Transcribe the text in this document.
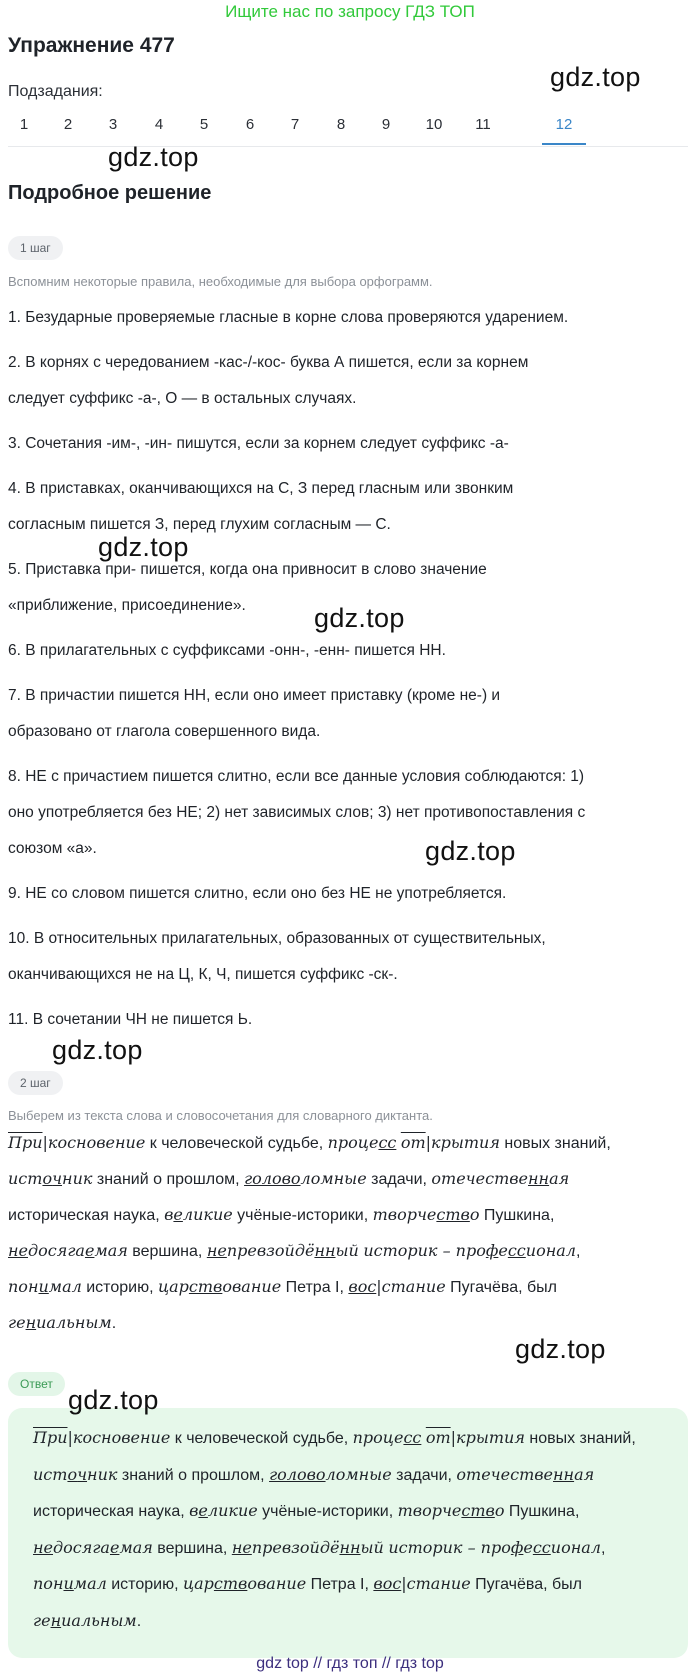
Ищите нас по запросу ГДЗ ТОП
Упражнение 477
Подзадания:
1	2	3	4	5	6	7	8	9	10	11	12
Подробное решение
1 шаг
Вспомним некоторые правила, необходимые для выбора орфограмм.
1. Безударные проверяемые гласные в корне слова проверяются ударением.
2. В корнях с чередованием -кас-/-кос- буква А пишется, если за корнем
следует суффикс -а-, О — в остальных случаях.
3. Сочетания -им-, -ин- пишутся, если за корнем следует суффикс -а-
4. В приставках, оканчивающихся на С, З перед гласным или звонким
согласным пишется З, перед глухим согласным — С.
5. Приставка при- пишется, когда она привносит в слово значение
«приближение, присоединение».
6. В прилагательных с суффиксами -онн-, -енн- пишется НН.
7. В причастии пишется НН, если оно имеет приставку (кроме не-) и
образовано от глагола совершенного вида.
8. НЕ с причастием пишется слитно, если все данные условия соблюдаются: 1)
оно употребляется без НЕ; 2) нет зависимых слов; 3) нет противопоставления с
союзом «а».
9. НЕ со словом пишется слитно, если оно без НЕ не употребляется.
10. В относительных прилагательных, образованных от существительных,
оканчивающихся не на Ц, К, Ч, пишется суффикс -ск-.
11. В сочетании ЧН не пишется Ь.
2 шаг
Выберем из текста слова и словосочетания для словарного диктанта.
При|косновение к человеческой судьбе, процесс от|крытия новых знаний, источник знаний о прошлом, головоломные задачи, отечественная
историческая наука, великие учёные-историки, творчество Пушкина,
недосягаемая вершина, непревзойдённый историк – профессионал,
понимал историю, царствование Петра I, вос|стание Пугачёва, был
гениальным.
Ответ
При|косновение к человеческой судьбе, процесс от|крытия новых знаний, источник знаний о прошлом, головоломные задачи, отечественная историческая наука, великие учёные-историки, творчество Пушкина, недосягаемая вершина, непревзойдённый историк – профессионал, понимал историю, царствование Петра I, вос|стание Пугачёва, был гениальным.
gdz.top
gdz.top
gdz.top
gdz.top
gdz.top
gdz.top
gdz.top
gdz.top
gdz top // гдз топ // гдз top
